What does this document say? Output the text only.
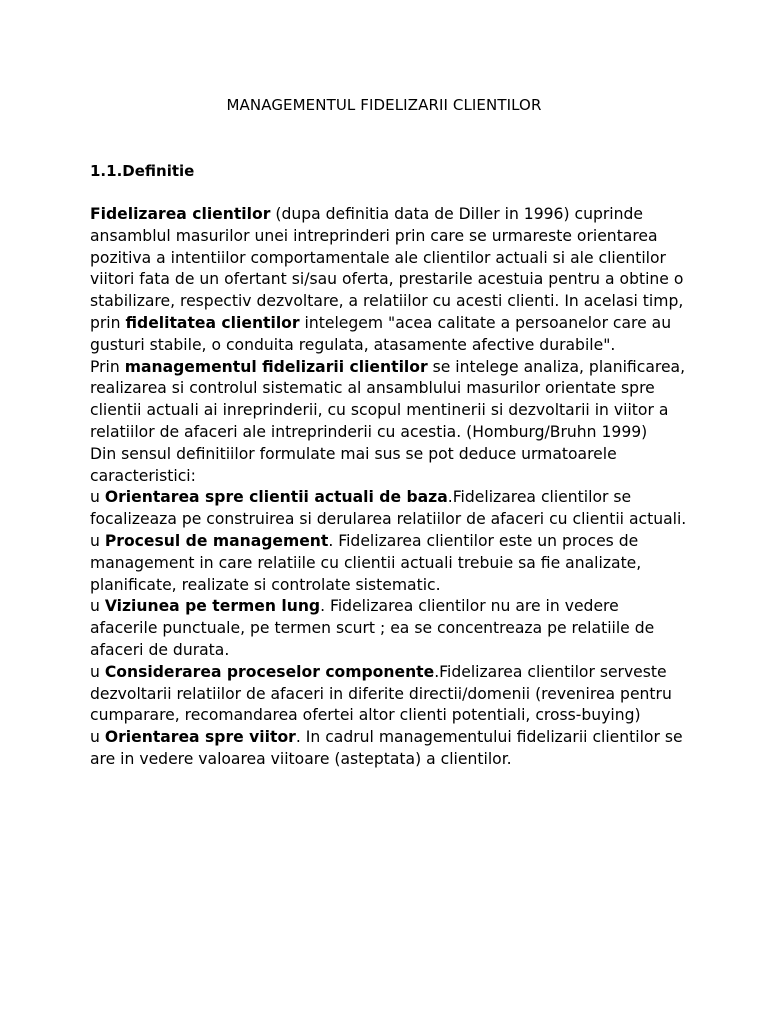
MANAGEMENTUL FIDELIZARII CLIENTILOR
1.1.Definitie

Fidelizarea clientilor (dupa definitia data de Diller in 1996) cuprinde ansamblul masurilor unei intreprinderi prin care se urmareste orientarea pozitiva a intentiilor comportamentale ale clientilor actuali si ale clientilor viitori fata de un ofertant si/sau oferta, prestarile acestuia pentru a obtine o stabilizare, respectiv dezvoltare, a relatiilor cu acesti clienti. In acelasi timp, prin fidelitatea clientilor intelegem "acea calitate a persoanelor care au gusturi stabile, o conduita regulata, atasamente afective durabile".

Prin managementul fidelizarii clientilor se intelege analiza, planificarea, realizarea si controlul sistematic al ansamblului masurilor orientate spre clientii actuali ai inreprinderii, cu scopul mentinerii si dezvoltarii in viitor a relatiilor de afaceri ale intreprinderii cu acestia. (Homburg/Bruhn 1999)

Din sensul definitiilor formulate mai sus se pot deduce urmatoarele caracteristici:

u Orientarea spre clientii actuali de baza.Fidelizarea clientilor se focalizeaza pe construirea si derularea relatiilor de afaceri cu clientii actuali.

u Procesul de management. Fidelizarea clientilor este un proces de management in care relatiile cu clientii actuali trebuie sa fie analizate, planificate, realizate si controlate sistematic.

u Viziunea pe termen lung. Fidelizarea clientilor nu are in vedere afacerile punctuale, pe termen scurt ; ea se concentreaza pe relatiile de afaceri de durata.

u Considerarea proceselor componente.Fidelizarea clientilor serveste dezvoltarii relatiilor de afaceri in diferite directii/domenii (revenirea pentru cumparare, recomandarea ofertei altor clienti potentiali, cross-buying)

u Orientarea spre viitor. In cadrul managementului fidelizarii clientilor se are in vedere valoarea viitoare (asteptata) a clientilor.
